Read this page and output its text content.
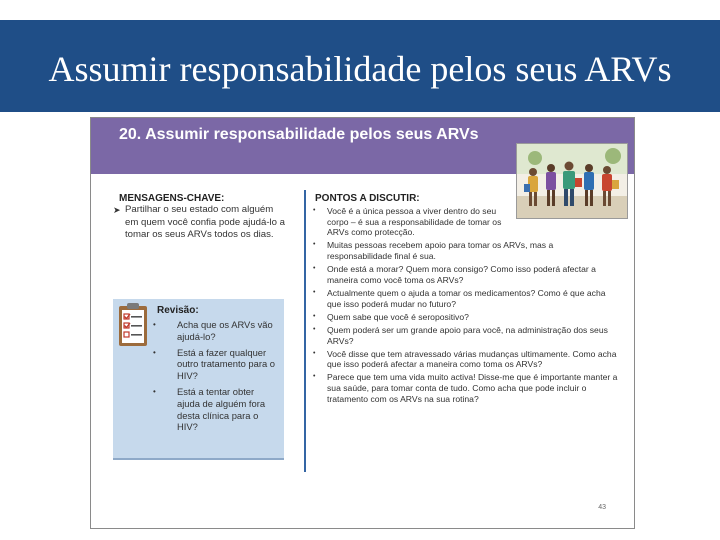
Assumir responsabilidade pelos seus ARVs
20. Assumir responsabilidade pelos seus ARVs
MENSAGENS-CHAVE:
➤ Partilhar o seu estado com alguém em quem você confia pode ajudá-lo a tomar os seus ARVs todos os dias.
Revisão:
•	Acha que os ARVs vão ajudá-lo?
•	Está a fazer qualquer outro tratamento para o HIV?
•	Está a tentar obter ajuda de alguém fora desta clínica para o HIV?
PONTOS A DISCUTIR:
•	Você é a única pessoa a viver dentro do seu corpo – é sua a responsabilidade de tomar os ARVs como protecção.
•	Muitas pessoas recebem apoio para tomar os ARVs, mas a responsabilidade final é sua.
•	Onde está a morar? Quem mora consigo? Como isso poderá afectar a maneira como você toma os ARVs?
•	Actualmente quem o ajuda a tomar os medicamentos? Como é que acha que isso poderá mudar no futuro?
•	Quem sabe que você é seropositivo?
•	Quem poderá ser um grande apoio para você, na administração dos seus ARVs?
•	Você disse que tem atravessado várias mudanças ultimamente. Como acha que isso poderá afectar a maneira como toma os ARVs?
•	Parece que tem uma vida muito activa! Disse-me que é importante manter a sua saúde, para tomar conta de tudo. Como acha que pode incluir o tratamento com os ARVs na sua rotina?
43
